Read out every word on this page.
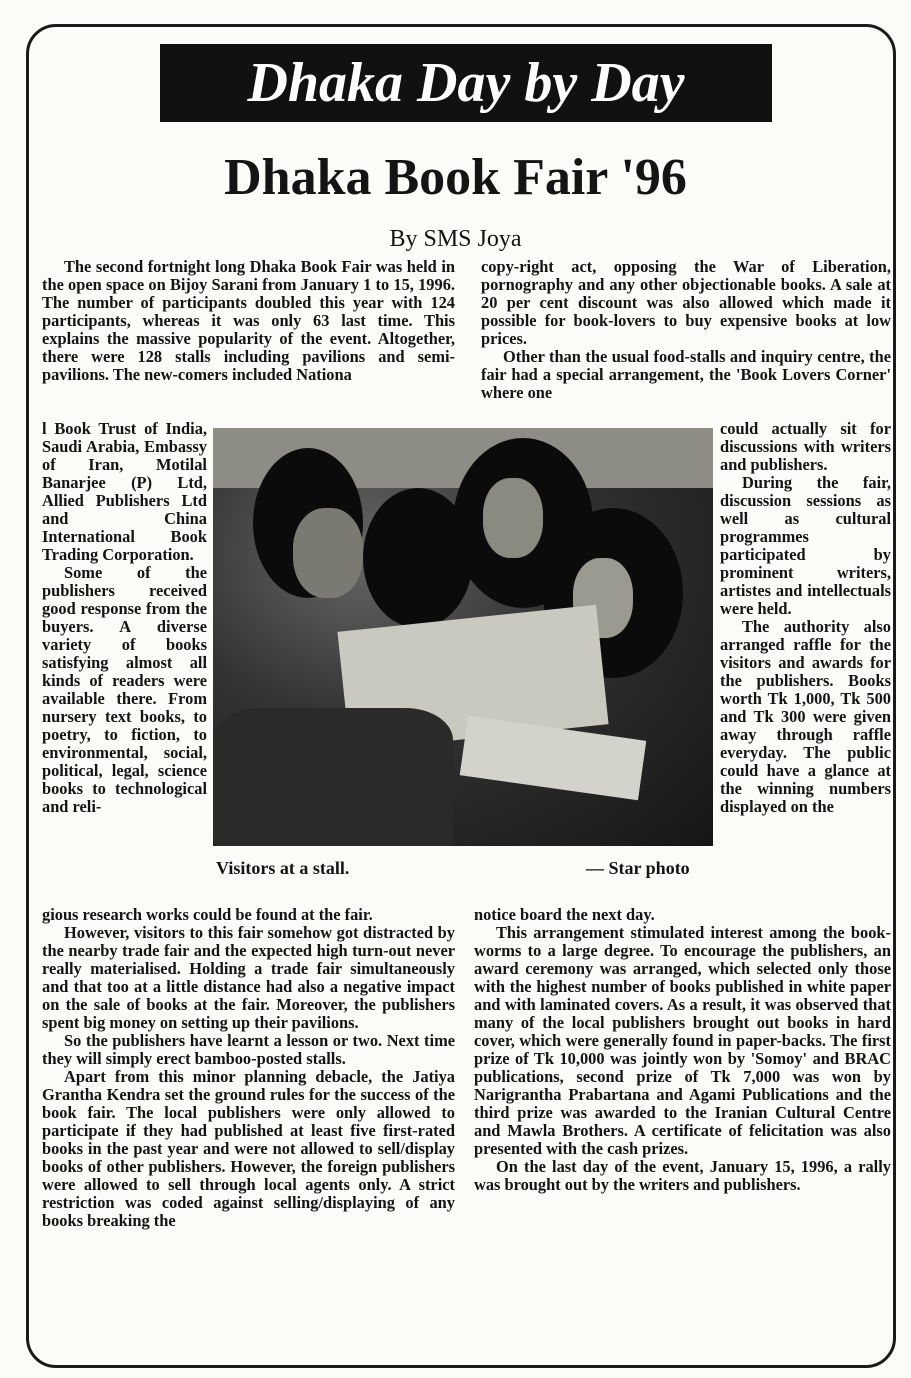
Dhaka Day by Day
Dhaka Book Fair '96
By SMS Joya

The second fortnight long Dhaka Book Fair was held in the open space on Bijoy Sarani from January 1 to 15, 1996. The number of participants doubled this year with 124 participants, whereas it was only 63 last time. This explains the massive popularity of the event. Altogether, there were 128 stalls including pavilions and semi-pavilions. The new-comers included Nationa

l Book Trust of India, Saudi Arabia, Embassy of Iran, Motilal Banarjee (P) Ltd, Allied Publishers Ltd and China International Book Trading Corporation.

Some of the publishers received good response from the buyers. A diverse variety of books satisfying almost all kinds of readers were available there. From nursery text books, to poetry, to fiction, to environmental, social, political, legal, science books to technological and reli-

gious research works could be found at the fair.

However, visitors to this fair somehow got distracted by the nearby trade fair and the expected high turn-out never really materialised. Holding a trade fair simultaneously and that too at a little distance had also a negative impact on the sale of books at the fair. Moreover, the publishers spent big money on setting up their pavilions.

So the publishers have learnt a lesson or two. Next time they will simply erect bamboo-posted stalls.

Apart from this minor planning debacle, the Jatiya Grantha Kendra set the ground rules for the success of the book fair. The local publishers were only allowed to participate if they had published at least five first-rated books in the past year and were not allowed to sell/display books of other publishers. However, the foreign publishers were allowed to sell through local agents only. A strict restriction was coded against selling/displaying of any books breaking the

copy-right act, opposing the War of Liberation, pornography and any other objectionable books. A sale at 20 per cent discount was also allowed which made it possible for book-lovers to buy expensive books at low prices.

Other than the usual food-stalls and inquiry centre, the fair had a special arrangement, the 'Book Lovers Corner' where one

could actually sit for discussions with writers and publishers.

During the fair, discussion sessions as well as cultural programmes participated by prominent writers, artistes and intellectuals were held.

The authority also arranged raffle for the visitors and awards for the publishers. Books worth Tk 1,000, Tk 500 and Tk 300 were given away through raffle everyday. The public could have a glance at the winning numbers displayed on the

notice board the next day.

This arrangement stimulated interest among the book-worms to a large degree. To encourage the publishers, an award ceremony was arranged, which selected only those with the highest number of books published in white paper and with laminated covers. As a result, it was observed that many of the local publishers brought out books in hard cover, which were generally found in paper-backs. The first prize of Tk 10,000 was jointly won by 'Somoy' and BRAC publications, second prize of Tk 7,000 was won by Narigrantha Prabartana and Agami Publications and the third prize was awarded to the Iranian Cultural Centre and Mawla Brothers. A certificate of felicitation was also presented with the cash prizes.

On the last day of the event, January 15, 1996, a rally was brought out by the writers and publishers.

Visitors at a stall.	— Star photo
